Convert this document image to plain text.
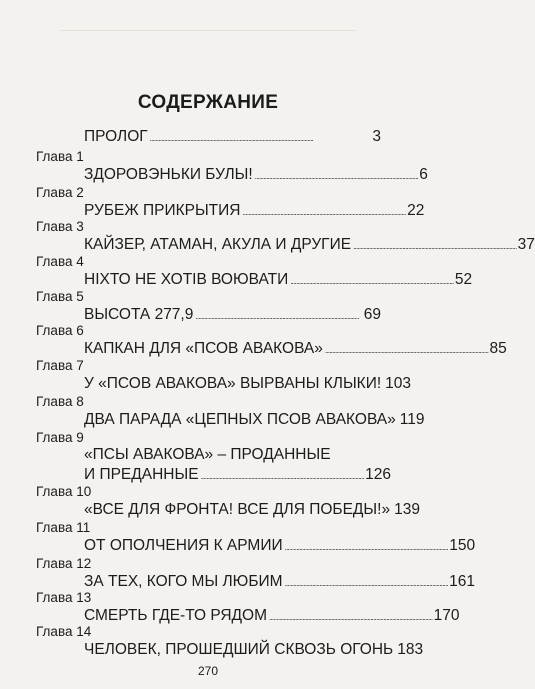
СОДЕРЖАНИЕ
ПРОЛОГ . . .	3
Глава 1
ЗДОРОВЭНЬКИ БУЛЫ! . . .	6
Глава 2
РУБЕЖ ПРИКРЫТИЯ . . .	22
Глава 3
КАЙЗЕР, АТАМАН, АКУЛА И ДРУГИЕ . . .	37
Глава 4
НІХТО НЕ ХОТІВ ВОЮВАТИ . . .	52
Глава 5
ВЫСОТА 277,9 . . .	69
Глава 6
КАПКАН ДЛЯ «ПСОВ АВАКОВА» . . .	85
Глава 7
У «ПСОВ АВАКОВА» ВЫРВАНЫ КЛЫКИ! 103
Глава 8
ДВА ПАРАДА «ЦЕПНЫХ ПСОВ АВАКОВА» 119
Глава 9
«ПСЫ АВАКОВА» – ПРОДАННЫЕ
И ПРЕДАННЫЕ . . .	126
Глава 10
«ВСЕ ДЛЯ ФРОНТА! ВСЕ ДЛЯ ПОБЕДЫ!» 139
Глава 11
ОТ ОПОЛЧЕНИЯ К АРМИИ . . .	150
Глава 12
ЗА ТЕХ, КОГО МЫ ЛЮБИМ . . .	161
Глава 13
СМЕРТЬ ГДЕ-ТО РЯДОМ . . .	170
Глава 14
ЧЕЛОВЕК, ПРОШЕДШИЙ СКВОЗЬ ОГОНЬ 183
270
